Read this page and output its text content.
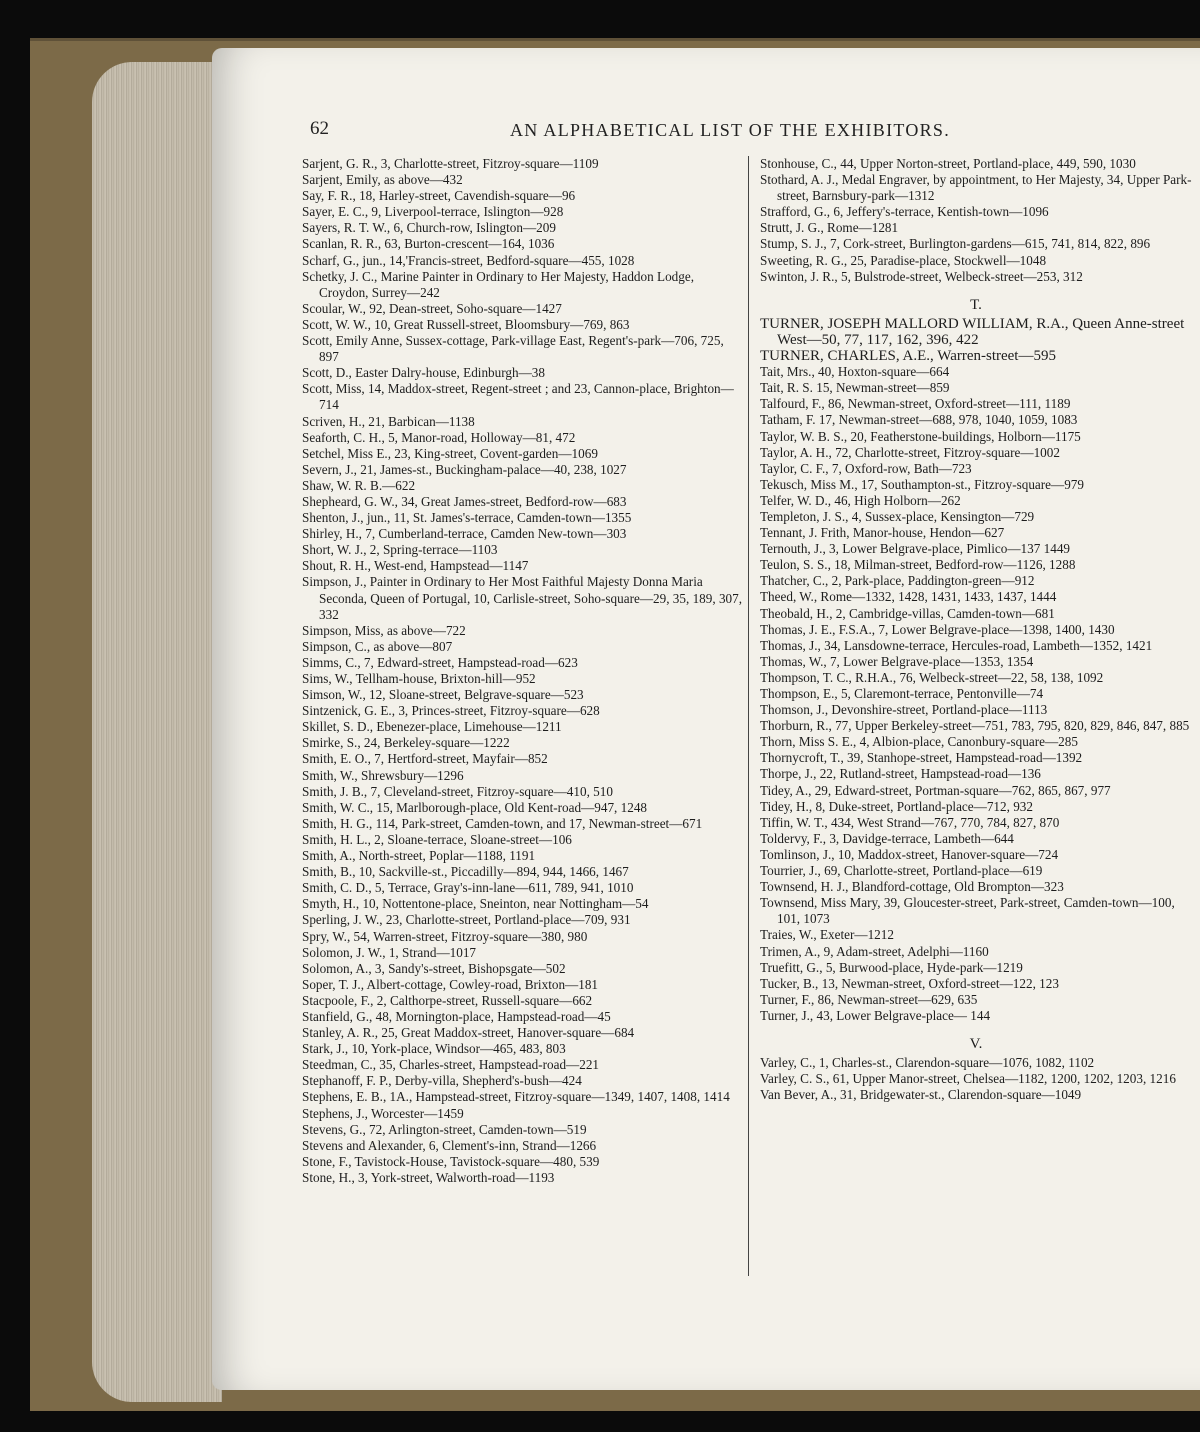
62	AN ALPHABETICAL LIST OF THE EXHIBITORS.

Sarjent, G. R., 3, Charlotte-street, Fitzroy-square—1109

Sarjent, Emily, as above—432

Say, F. R., 18, Harley-street, Cavendish-square—96

Sayer, E. C., 9, Liverpool-terrace, Islington—928

Sayers, R. T. W., 6, Church-row, Islington—209

Scanlan, R. R., 63, Burton-crescent—164, 1036

Scharf, G., jun., 14,'Francis-street, Bedford-square—455, 1028

Schetky, J. C., Marine Painter in Ordinary to Her Majesty, Haddon Lodge, Croydon, Surrey—242

Scoular, W., 92, Dean-street, Soho-square—1427

Scott, W. W., 10, Great Russell-street, Bloomsbury—769, 863

Scott, Emily Anne, Sussex-cottage, Park-village East, Regent's-park—706, 725, 897

Scott, D., Easter Dalry-house, Edinburgh—38

Scott, Miss, 14, Maddox-street, Regent-street ; and 23, Cannon-place, Brighton—714

Scriven, H., 21, Barbican—1138

Seaforth, C. H., 5, Manor-road, Holloway—81, 472

Setchel, Miss E., 23, King-street, Covent-garden—1069

Severn, J., 21, James-st., Buckingham-palace—40, 238, 1027

Shaw, W. R. B.—622

Shepheard, G. W., 34, Great James-street, Bedford-row—683

Shenton, J., jun., 11, St. James's-terrace, Camden-town—1355

Shirley, H., 7, Cumberland-terrace, Camden New-town—303

Short, W. J., 2, Spring-terrace—1103

Shout, R. H., West-end, Hampstead—1147

Simpson, J., Painter in Ordinary to Her Most Faithful Majesty Donna Maria Seconda, Queen of Portugal, 10, Carlisle-street, Soho-square—29, 35, 189, 307, 332

Simpson, Miss, as above—722

Simpson, C., as above—807

Simms, C., 7, Edward-street, Hampstead-road—623

Sims, W., Tellham-house, Brixton-hill—952

Simson, W., 12, Sloane-street, Belgrave-square—523

Sintzenick, G. E., 3, Princes-street, Fitzroy-square—628

Skillet, S. D., Ebenezer-place, Limehouse—1211

Smirke, S., 24, Berkeley-square—1222

Smith, E. O., 7, Hertford-street, Mayfair—852

Smith, W., Shrewsbury—1296

Smith, J. B., 7, Cleveland-street, Fitzroy-square—410, 510

Smith, W. C., 15, Marlborough-place, Old Kent-road—947, 1248

Smith, H. G., 114, Park-street, Camden-town, and 17, Newman-street—671

Smith, H. L., 2, Sloane-terrace, Sloane-street—106

Smith, A., North-street, Poplar—1188, 1191

Smith, B., 10, Sackville-st., Piccadilly—894, 944, 1466, 1467

Smith, C. D., 5, Terrace, Gray's-inn-lane—611, 789, 941, 1010

Smyth, H., 10, Nottentone-place, Sneinton, near Nottingham—54

Sperling, J. W., 23, Charlotte-street, Portland-place—709, 931

Spry, W., 54, Warren-street, Fitzroy-square—380, 980

Solomon, J. W., 1, Strand—1017

Solomon, A., 3, Sandy's-street, Bishopsgate—502

Soper, T. J., Albert-cottage, Cowley-road, Brixton—181

Stacpoole, F., 2, Calthorpe-street, Russell-square—662

Stanfield, G., 48, Mornington-place, Hampstead-road—45

Stanley, A. R., 25, Great Maddox-street, Hanover-square—684

Stark, J., 10, York-place, Windsor—465, 483, 803

Steedman, C., 35, Charles-street, Hampstead-road—221

Stephanoff, F. P., Derby-villa, Shepherd's-bush—424

Stephens, E. B., 1A., Hampstead-street, Fitzroy-square—1349, 1407, 1408, 1414

Stephens, J., Worcester—1459

Stevens, G., 72, Arlington-street, Camden-town—519

Stevens and Alexander, 6, Clement's-inn, Strand—1266

Stone, F., Tavistock-House, Tavistock-square—480, 539

Stone, H., 3, York-street, Walworth-road—1193

Stonhouse, C., 44, Upper Norton-street, Portland-place, 449, 590, 1030

Stothard, A. J., Medal Engraver, by appointment, to Her Majesty, 34, Upper Park-street, Barnsbury-park—1312

Strafford, G., 6, Jeffery's-terrace, Kentish-town—1096

Strutt, J. G., Rome—1281

Stump, S. J., 7, Cork-street, Burlington-gardens—615, 741, 814, 822, 896

Sweeting, R. G., 25, Paradise-place, Stockwell—1048

Swinton, J. R., 5, Bulstrode-street, Welbeck-street—253, 312

T.

TURNER, JOSEPH MALLORD WILLIAM, R.A., Queen Anne-street West—50, 77, 117, 162, 396, 422

TURNER, CHARLES, A.E., Warren-street—595

Tait, Mrs., 40, Hoxton-square—664

Tait, R. S. 15, Newman-street—859

Talfourd, F., 86, Newman-street, Oxford-street—111, 1189

Tatham, F. 17, Newman-street—688, 978, 1040, 1059, 1083

Taylor, W. B. S., 20, Featherstone-buildings, Holborn—1175

Taylor, A. H., 72, Charlotte-street, Fitzroy-square—1002

Taylor, C. F., 7, Oxford-row, Bath—723

Tekusch, Miss M., 17, Southampton-st., Fitzroy-square—979

Telfer, W. D., 46, High Holborn—262

Templeton, J. S., 4, Sussex-place, Kensington—729

Tennant, J. Frith, Manor-house, Hendon—627

Ternouth, J., 3, Lower Belgrave-place, Pimlico—137 1449

Teulon, S. S., 18, Milman-street, Bedford-row—1126, 1288

Thatcher, C., 2, Park-place, Paddington-green—912

Theed, W., Rome—1332, 1428, 1431, 1433, 1437, 1444

Theobald, H., 2, Cambridge-villas, Camden-town—681

Thomas, J. E., F.S.A., 7, Lower Belgrave-place—1398, 1400, 1430

Thomas, J., 34, Lansdowne-terrace, Hercules-road, Lambeth—1352, 1421

Thomas, W., 7, Lower Belgrave-place—1353, 1354

Thompson, T. C., R.H.A., 76, Welbeck-street—22, 58, 138, 1092

Thompson, E., 5, Claremont-terrace, Pentonville—74

Thomson, J., Devonshire-street, Portland-place—1113

Thorburn, R., 77, Upper Berkeley-street—751, 783, 795, 820, 829, 846, 847, 885

Thorn, Miss S. E., 4, Albion-place, Canonbury-square—285

Thornycroft, T., 39, Stanhope-street, Hampstead-road—1392

Thorpe, J., 22, Rutland-street, Hampstead-road—136

Tidey, A., 29, Edward-street, Portman-square—762, 865, 867, 977

Tidey, H., 8, Duke-street, Portland-place—712, 932

Tiffin, W. T., 434, West Strand—767, 770, 784, 827, 870

Toldervy, F., 3, Davidge-terrace, Lambeth—644

Tomlinson, J., 10, Maddox-street, Hanover-square—724

Tourrier, J., 69, Charlotte-street, Portland-place—619

Townsend, H. J., Blandford-cottage, Old Brompton—323

Townsend, Miss Mary, 39, Gloucester-street, Park-street, Camden-town—100, 101, 1073

Traies, W., Exeter—1212

Trimen, A., 9, Adam-street, Adelphi—1160

Truefitt, G., 5, Burwood-place, Hyde-park—1219

Tucker, B., 13, Newman-street, Oxford-street—122, 123

Turner, F., 86, Newman-street—629, 635

Turner, J., 43, Lower Belgrave-place— 144

V.

Varley, C., 1, Charles-st., Clarendon-square—1076, 1082, 1102

Varley, C. S., 61, Upper Manor-street, Chelsea—1182, 1200, 1202, 1203, 1216

Van Bever, A., 31, Bridgewater-st., Clarendon-square—1049
